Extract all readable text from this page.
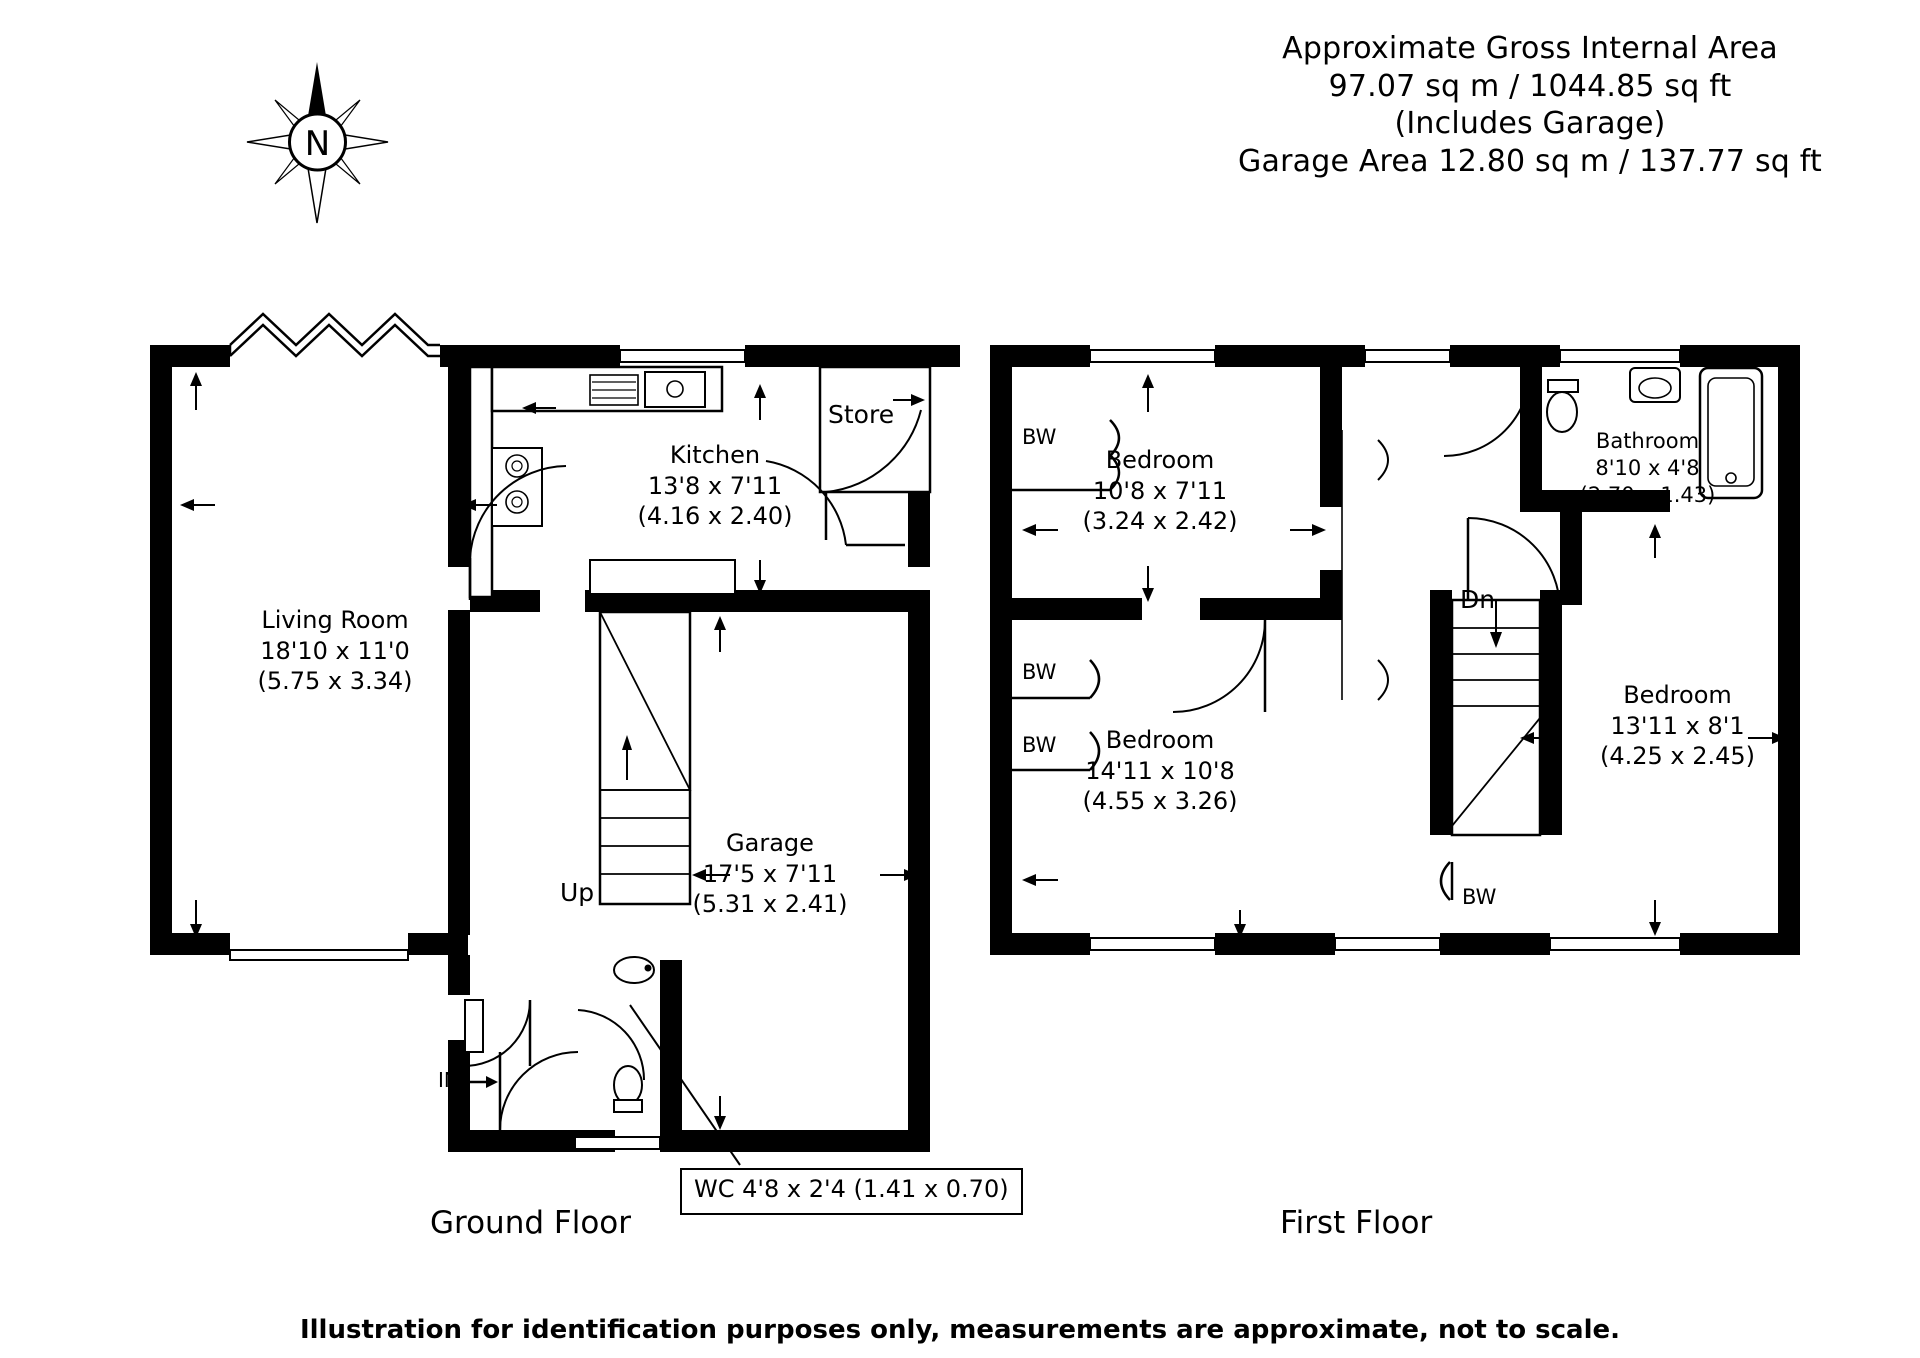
Approximate Gross Internal Area
97.07 sq m / 1044.85 sq ft
(Includes Garage)
Garage Area 12.80 sq m / 137.77 sq ft
N
Living Room
18'10 x 11'0
(5.75 x 3.34)
Kitchen
13'8 x 7'11
(4.16 x 2.40)
Garage
17'5 x 7'11
(5.31 x 2.41)
WC 4'8 x 2'4 (1.41 x 0.70)
Store
Up
IN
Bedroom
10'8 x 7'11
(3.24 x 2.42)
Bedroom
14'11 x 10'8
(4.55 x 3.26)
Bedroom
13'11 x 8'1
(4.25 x 2.45)
Bathroom
8'10 x 4'8
(2.70 x 1.43)
Dn
BW
BW
BW
BW
Ground Floor	First Floor
Illustration for identification purposes only, measurements are approximate, not to scale.
